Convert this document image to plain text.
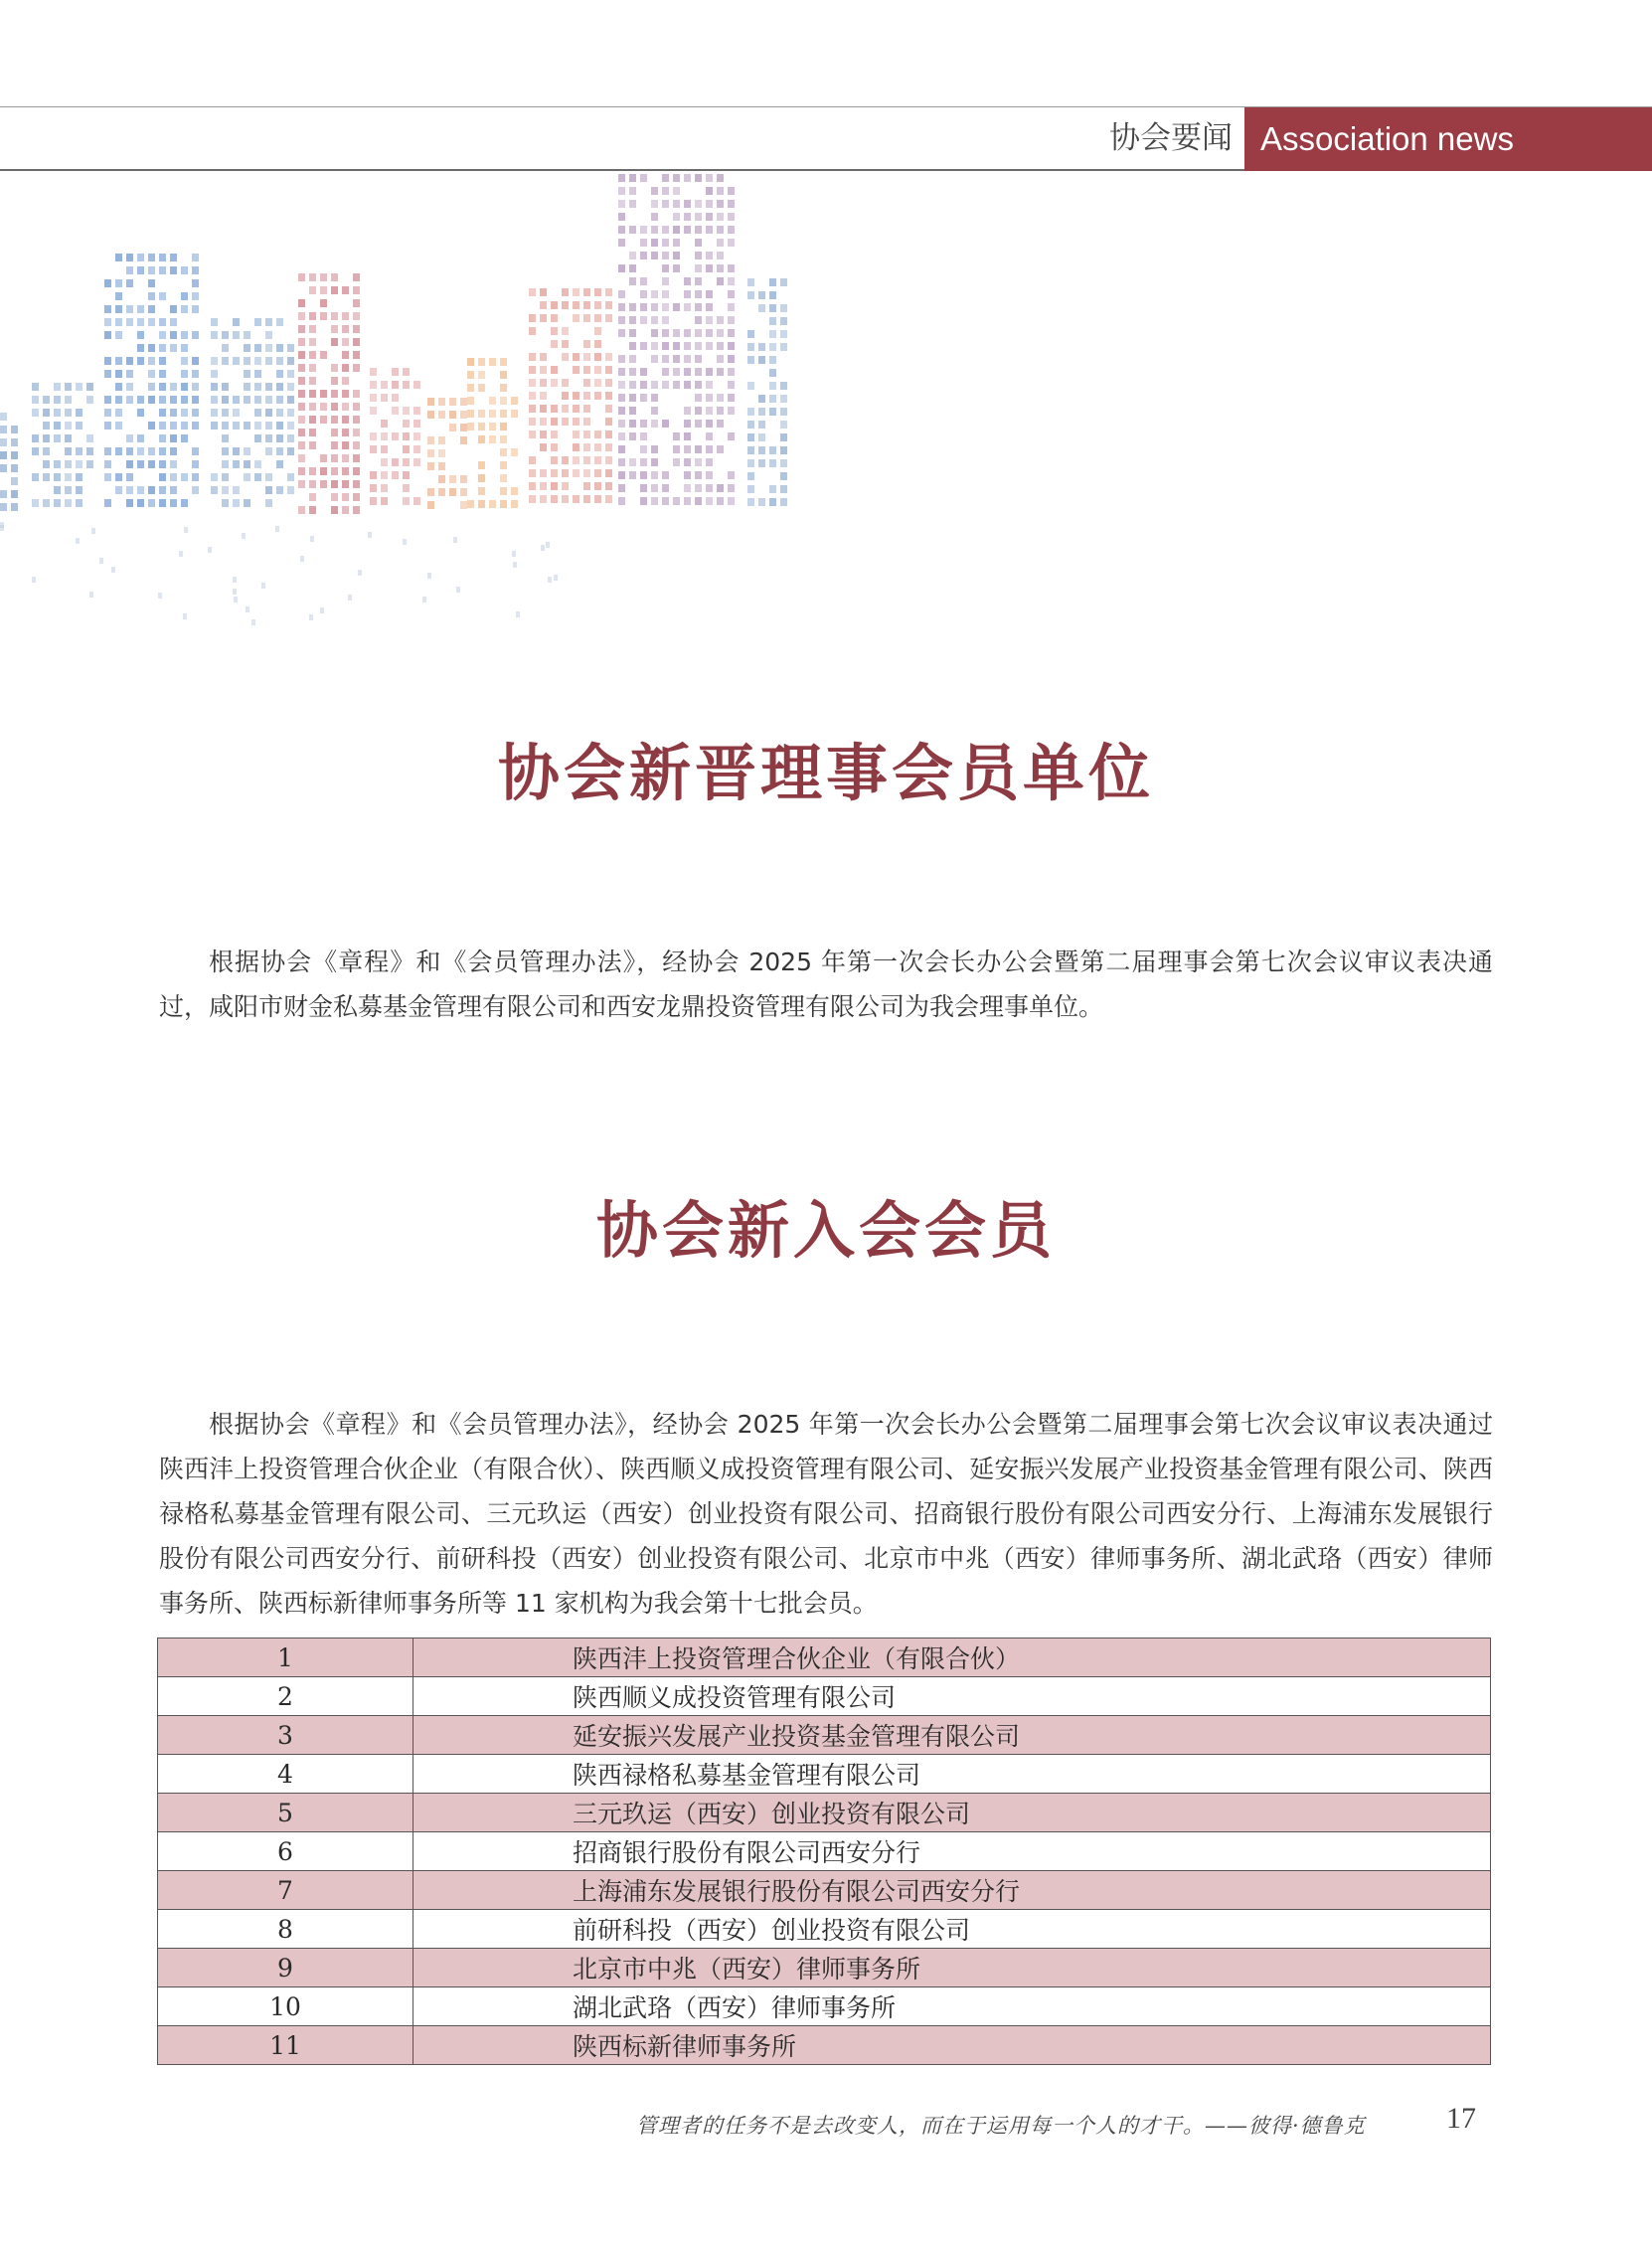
协会要闻 Association news
协会新晋理事会员单位

根据协会《章程》和《会员管理办法》，经协会 2025 年第一次会长办公会暨第二届理事会第七次会议审议表决通过，咸阳市财金私募基金管理有限公司和西安龙鼎投资管理有限公司为我会理事单位。

协会新入会会员

根据协会《章程》和《会员管理办法》，经协会 2025 年第一次会长办公会暨第二届理事会第七次会议审议表决通过陕西沣上投资管理合伙企业（有限合伙）、陕西顺义成投资管理有限公司、延安振兴发展产业投资基金管理有限公司、陕西禄格私募基金管理有限公司、三元玖运（西安）创业投资有限公司、招商银行股份有限公司西安分行、上海浦东发展银行股份有限公司西安分行、前研科投（西安）创业投资有限公司、北京市中兆（西安）律师事务所、湖北武珞（西安）律师事务所、陕西标新律师事务所等 11 家机构为我会第十七批会员。

1	陕西沣上投资管理合伙企业（有限合伙）
2	陕西顺义成投资管理有限公司
3	延安振兴发展产业投资基金管理有限公司
4	陕西禄格私募基金管理有限公司
5	三元玖运（西安）创业投资有限公司
6	招商银行股份有限公司西安分行
7	上海浦东发展银行股份有限公司西安分行
8	前研科投（西安）创业投资有限公司
9	北京市中兆（西安）律师事务所
10	湖北武珞（西安）律师事务所
11	陕西标新律师事务所
管理者的任务不是去改变人，而在于运用每一个人的才干。——彼得·德鲁克	17
